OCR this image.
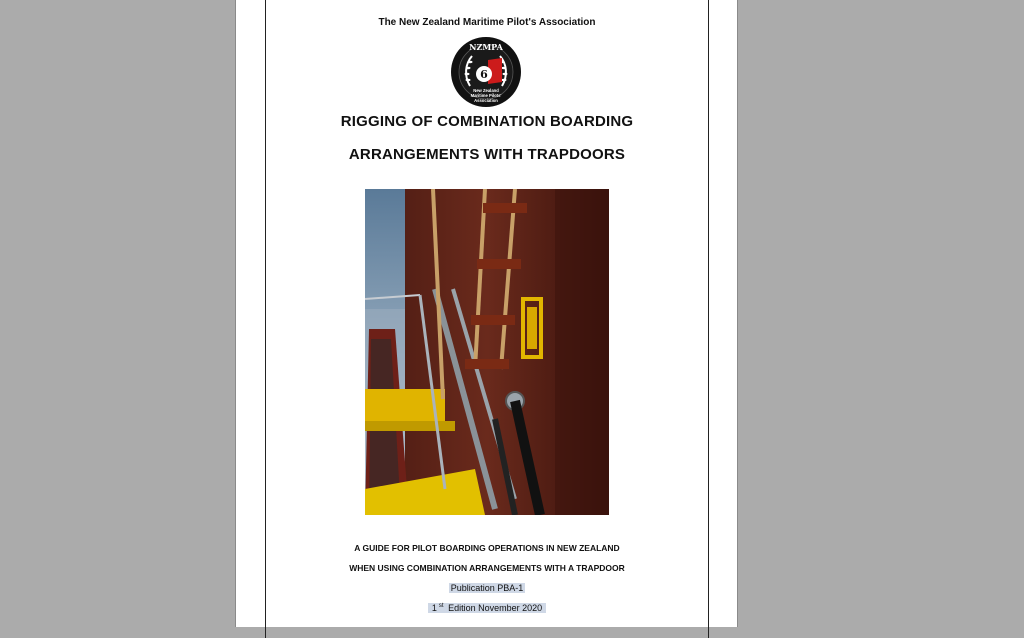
The New Zealand Maritime Pilot's Association
6
NZMPA
New Zealand
Maritime Pilots'
Association
RIGGING OF COMBINATION BOARDING
ARRANGEMENTS WITH TRAPDOORS
A GUIDE FOR PILOT BOARDING OPERATIONS IN NEW ZEALAND
WHEN USING COMBINATION ARRANGEMENTS WITH A TRAPDOOR
Publication PBA-1
1 $^{st}$ Edition November 2020
